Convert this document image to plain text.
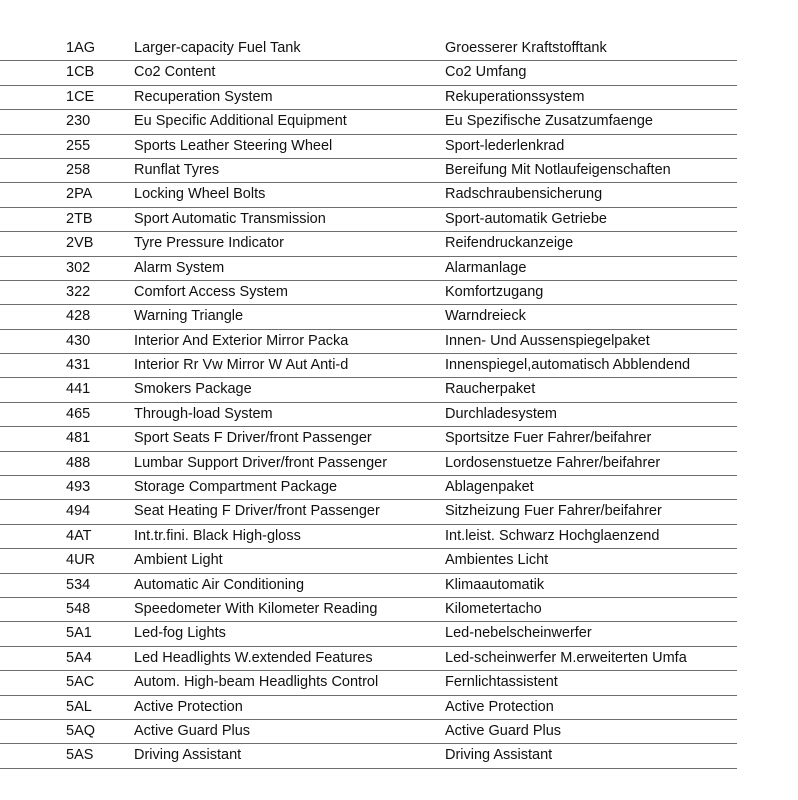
1AG	Larger-capacity Fuel Tank	Groesserer Kraftstofftank
1CB	Co2 Content	Co2 Umfang
1CE	Recuperation System	Rekuperationssystem
230	Eu Specific Additional Equipment	Eu Spezifische Zusatzumfaenge
255	Sports Leather Steering Wheel	Sport-lederlenkrad
258	Runflat Tyres	Bereifung Mit Notlaufeigenschaften
2PA	Locking Wheel Bolts	Radschraubensicherung
2TB	Sport Automatic Transmission	Sport-automatik Getriebe
2VB	Tyre Pressure Indicator	Reifendruckanzeige
302	Alarm System	Alarmanlage
322	Comfort Access System	Komfortzugang
428	Warning Triangle	Warndreieck
430	Interior And Exterior Mirror Packa	Innen- Und Aussenspiegelpaket
431	Interior Rr Vw Mirror W Aut Anti-d	Innenspiegel,automatisch Abblendend
441	Smokers Package	Raucherpaket
465	Through-load System	Durchladesystem
481	Sport Seats F Driver/front Passenger	Sportsitze Fuer Fahrer/beifahrer
488	Lumbar Support Driver/front Passenger	Lordosenstuetze Fahrer/beifahrer
493	Storage Compartment Package	Ablagenpaket
494	Seat Heating F Driver/front Passenger	Sitzheizung Fuer Fahrer/beifahrer
4AT	Int.tr.fini. Black High-gloss	Int.leist. Schwarz Hochglaenzend
4UR	Ambient Light	Ambientes Licht
534	Automatic Air Conditioning	Klimaautomatik
548	Speedometer With Kilometer Reading	Kilometertacho
5A1	Led-fog Lights	Led-nebelscheinwerfer
5A4	Led Headlights W.extended Features	Led-scheinwerfer M.erweiterten Umfa
5AC	Autom. High-beam Headlights Control	Fernlichtassistent
5AL	Active Protection	Active Protection
5AQ	Active Guard Plus	Active Guard Plus
5AS	Driving Assistant	Driving Assistant
